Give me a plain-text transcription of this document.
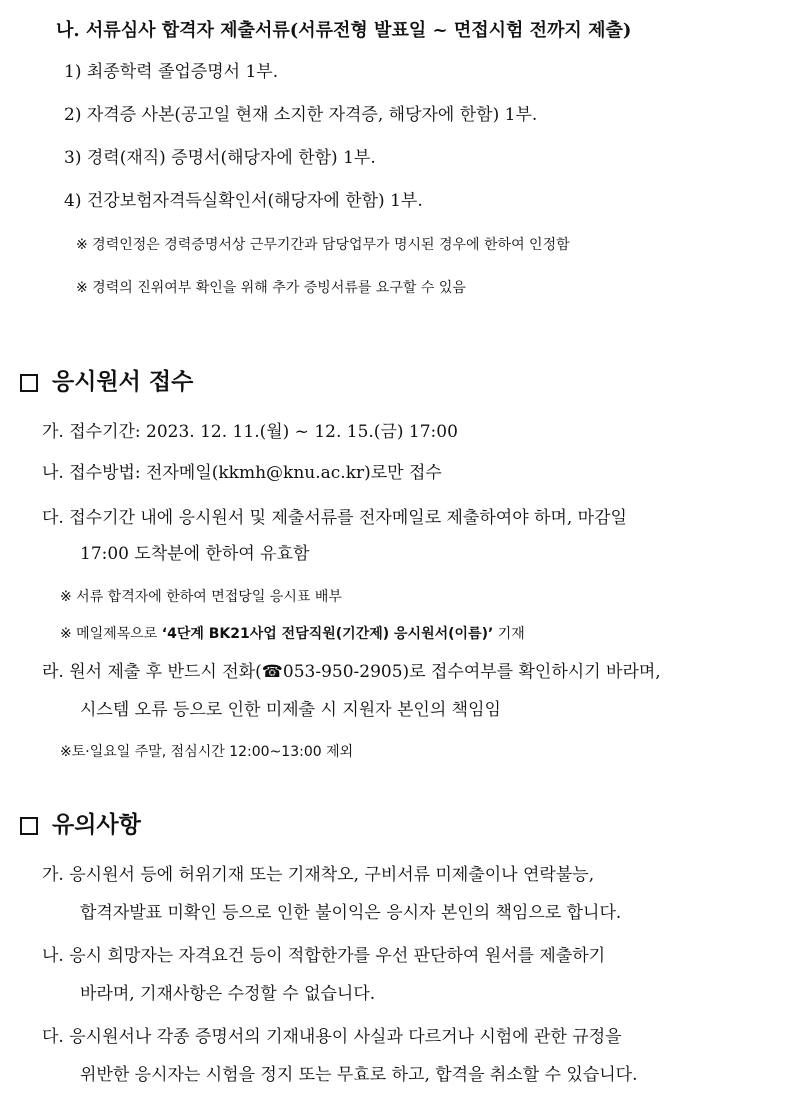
나. 서류심사 합격자 제출서류(서류전형 발표일 ~ 면접시험 전까지 제출)
1) 최종학력 졸업증명서 1부.
2) 자격증 사본(공고일 현재 소지한 자격증, 해당자에 한함) 1부.
3) 경력(재직) 증명서(해당자에 한함) 1부.
4) 건강보험자격득실확인서(해당자에 한함) 1부.
※ 경력인정은 경력증명서상 근무기간과 담당업무가 명시된 경우에 한하여 인정함
※ 경력의 진위여부 확인을 위해 추가 증빙서류를 요구할 수 있음
응시원서 접수
가. 접수기간: 2023. 12. 11.(월) ~ 12. 15.(금) 17:00
나. 접수방법: 전자메일(kkmh@knu.ac.kr)로만 접수
다. 접수기간 내에 응시원서 및 제출서류를 전자메일로 제출하여야 하며, 마감일
17:00 도착분에 한하여 유효함
※ 서류 합격자에 한하여 면접당일 응시표 배부
※ 메일제목으로 ‘4단계 BK21사업 전담직원(기간제) 응시원서(이름)’ 기재
라. 원서 제출 후 반드시 전화(☎053-950-2905)로 접수여부를 확인하시기 바라며,
시스템 오류 등으로 인한 미제출 시 지원자 본인의 책임임
※토·일요일 주말, 점심시간 12:00~13:00 제외
유의사항
가. 응시원서 등에 허위기재 또는 기재착오, 구비서류 미제출이나 연락불능,
합격자발표 미확인 등으로 인한 불이익은 응시자 본인의 책임으로 합니다.
나. 응시 희망자는 자격요건 등이 적합한가를 우선 판단하여 원서를 제출하기
바라며, 기재사항은 수정할 수 없습니다.
다. 응시원서나 각종 증명서의 기재내용이 사실과 다르거나 시험에 관한 규정을
위반한 응시자는 시험을 정지 또는 무효로 하고, 합격을 취소할 수 있습니다.
